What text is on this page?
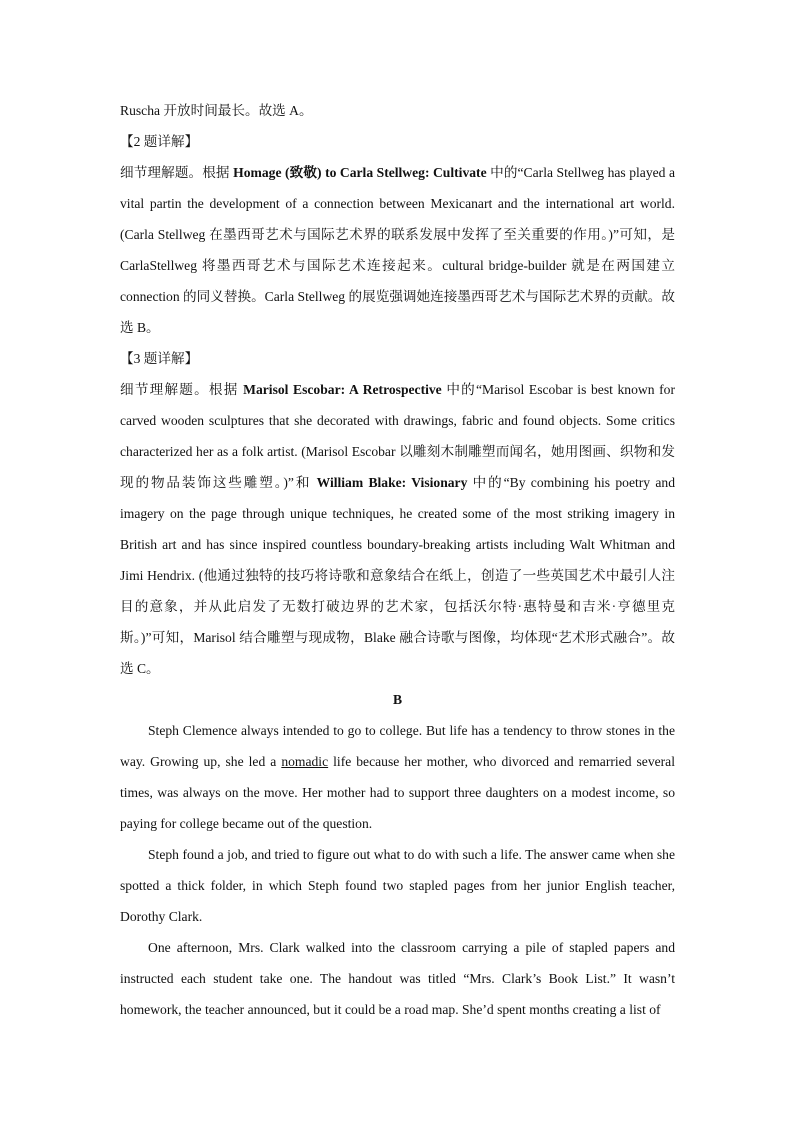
Ruscha 开放时间最长。故选 A。

【2 题详解】

细节理解题。根据 Homage (致敬) to Carla Stellweg: Cultivate 中的“Carla Stellweg has played a vital partin the development of a connection between Mexicanart and the international art world.(Carla Stellweg 在墨西哥艺术与国际艺术界的联系发展中发挥了至关重要的作用。)”可知，是 CarlaStellweg 将墨西哥艺术与国际艺术连接起来。cultural bridge-builder 就是在两国建立 connection 的同义替换。Carla Stellweg 的展览强调她连接墨西哥艺术与国际艺术界的贡献。故选 B。

【3 题详解】

细节理解题。根据 Marisol Escobar: A Retrospective 中的“Marisol Escobar is best known for carved wooden sculptures that she decorated with drawings, fabric and found objects. Some critics characterized her as a folk artist. (Marisol Escobar 以雕刻木制雕塑而闻名，她用图画、织物和发现的物品装饰这些雕塑。)”和 William Blake: Visionary 中的“By combining his poetry and imagery on the page through unique techniques, he created some of the most striking imagery in British art and has since inspired countless boundary-breaking artists including Walt Whitman and Jimi Hendrix. (他通过独特的技巧将诗歌和意象结合在纸上，创造了一些英国艺术中最引人注目的意象，并从此启发了无数打破边界的艺术家，包括沃尔特·惠特曼和吉米·亨德里克斯。)”可知，Marisol 结合雕塑与现成物，Blake 融合诗歌与图像，均体现“艺术形式融合”。故选 C。

B

Steph Clemence always intended to go to college. But life has a tendency to throw stones in the way. Growing up, she led a nomadic life because her mother, who divorced and remarried several times, was always on the move. Her mother had to support three daughters on a modest income, so paying for college became out of the question.

Steph found a job, and tried to figure out what to do with such a life. The answer came when she spotted a thick folder, in which Steph found two stapled pages from her junior English teacher, Dorothy Clark.

One afternoon, Mrs. Clark walked into the classroom carrying a pile of stapled papers and instructed each student take one. The handout was titled “Mrs. Clark’s Book List.” It wasn’t homework, the teacher announced, but it could be a road map. She’d spent months creating a list of
